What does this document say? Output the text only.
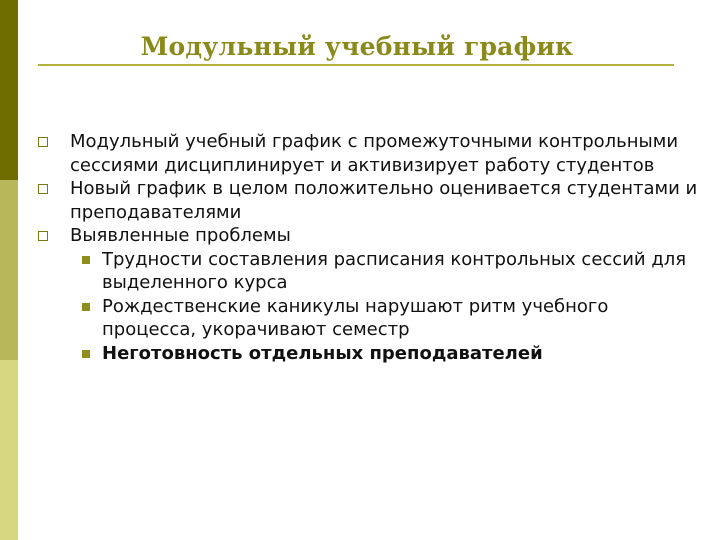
Модульный учебный график
Модульный учебный график с промежуточными контрольными сессиями дисциплинирует и активизирует работу студентов
Новый график в целом положительно оценивается студентами и преподавателями
Выявленные проблемы
Трудности составления расписания контрольных сессий для выделенного курса
Рождественские каникулы нарушают ритм учебного процесса, укорачивают семестр
Неготовность отдельных преподавателей
